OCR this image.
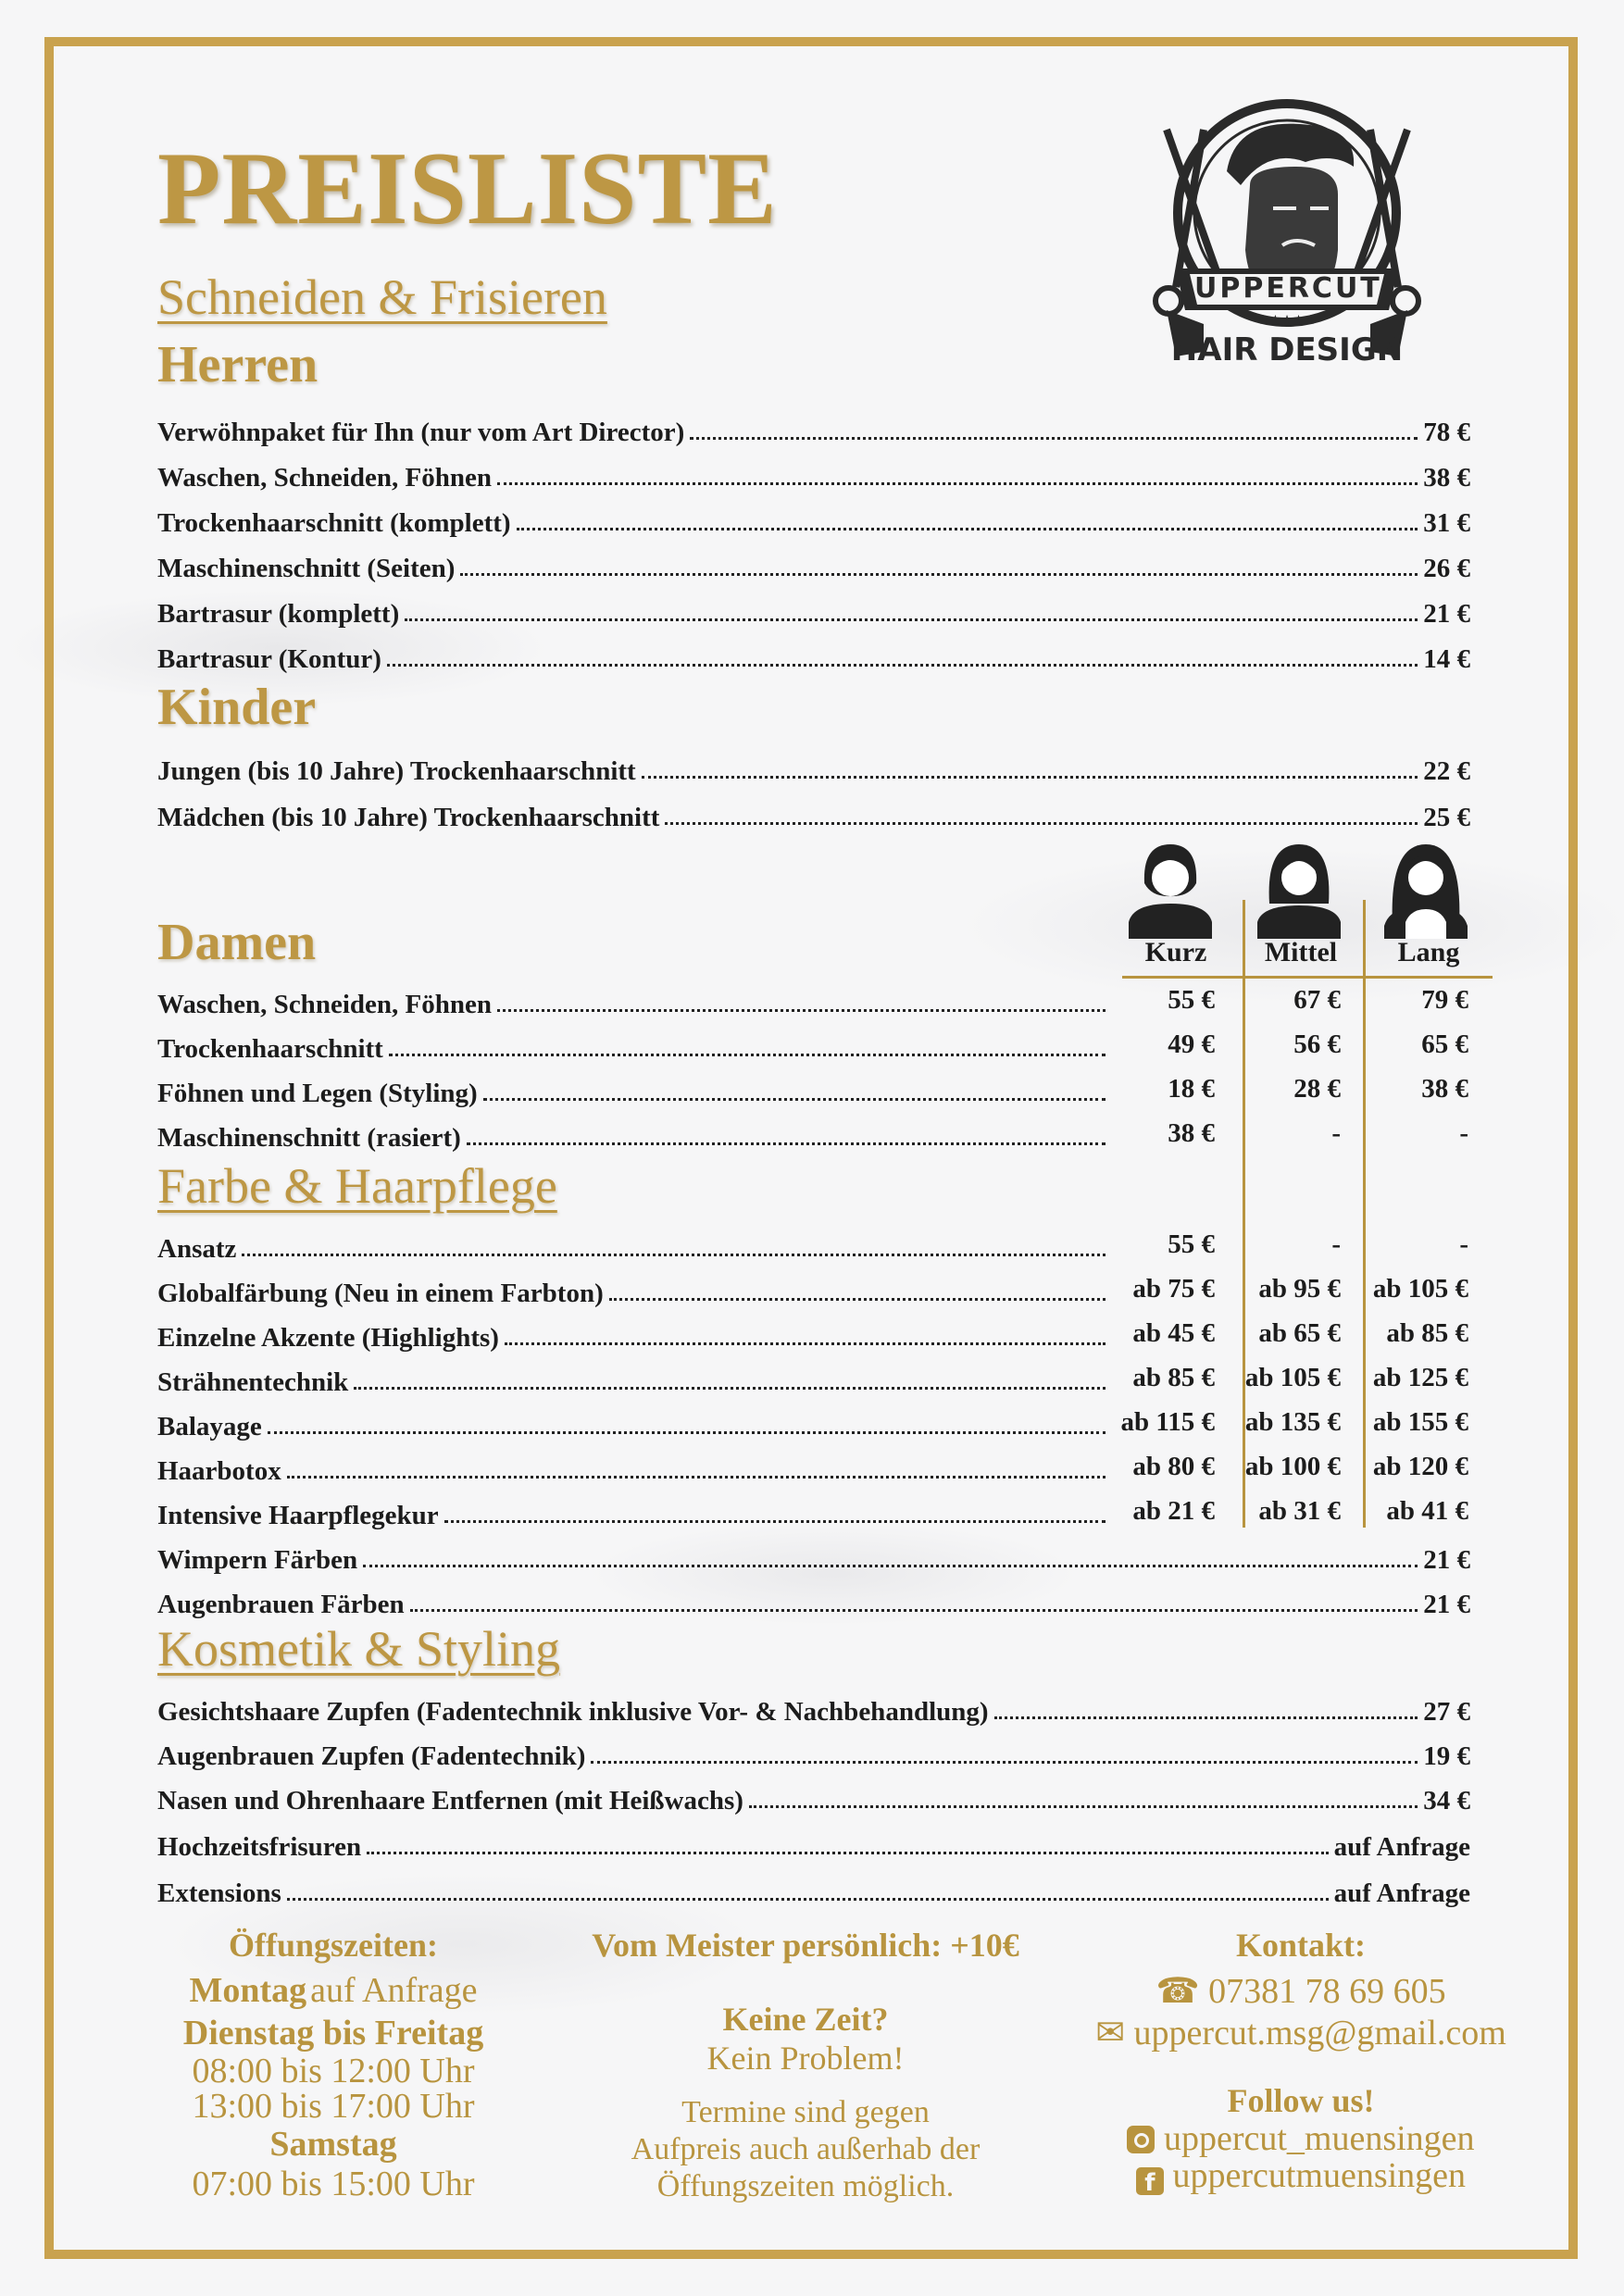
PREISLISTE
UPPERCUT
★★★★★
HAIR DESIGN
Schneiden & Frisieren
Herren
Verwöhnpaket für Ihn (nur vom Art Director)	78 €
Waschen, Schneiden, Föhnen	38 €
Trockenhaarschnitt (komplett)	31 €
Maschinenschnitt (Seiten)	26 €
Bartrasur (komplett)	21 €
Bartrasur (Kontur)	14 €
Kinder
Jungen (bis 10 Jahre) Trockenhaarschnitt	22 €
Mädchen (bis 10 Jahre) Trockenhaarschnitt	25 €
Damen	Kurz	Mittel	Lang
Waschen, Schneiden, Föhnen	55 €	67 €	79 €
Trockenhaarschnitt	49 €	56 €	65 €
Föhnen und Legen (Styling)	18 €	28 €	38 €
Maschinenschnitt (rasiert)	38 €	-	-
Farbe & Haarpflege
Ansatz	55 €	-	-
Globalfärbung (Neu in einem Farbton)	ab 75 €	ab 95 €	ab 105 €
Einzelne Akzente (Highlights)	ab 45 €	ab 65 €	ab 85 €
Strähnentechnik	ab 85 € ab 105 €	ab 125 €
Balayage	ab 115 € ab 135 €	ab 155 €
Haarbotox	ab 80 € ab 100 €	ab 120 €
Intensive Haarpflegekur	ab 21 €	ab 31 €	ab 41 €
Wimpern Färben	21 €
Augenbrauen Färben	21 €
Kosmetik & Styling
Gesichtshaare Zupfen (Fadentechnik inklusive Vor- & Nachbehandlung)	27 €
Augenbrauen Zupfen (Fadentechnik)	19 €
Nasen und Ohrenhaare Entfernen (mit Heißwachs)	34 €
Hochzeitsfrisuren	auf Anfrage
Extensions	auf Anfrage
Öffungszeiten:
Montag auf Anfrage
Dienstag bis Freitag
08:00 bis 12:00 Uhr
13:00 bis 17:00 Uhr
Samstag
07:00 bis 15:00 Uhr
Vom Meister persönlich: +10€
Keine Zeit?
Kein Problem!
Termine sind gegen
Aufpreis auch außerhab der
Öffungszeiten möglich.
Kontakt:
☎ 07381 78 69 605
✉ uppercut.msg@gmail.com
Follow us!
uppercut_muensingen
f uppercutmuensingen
